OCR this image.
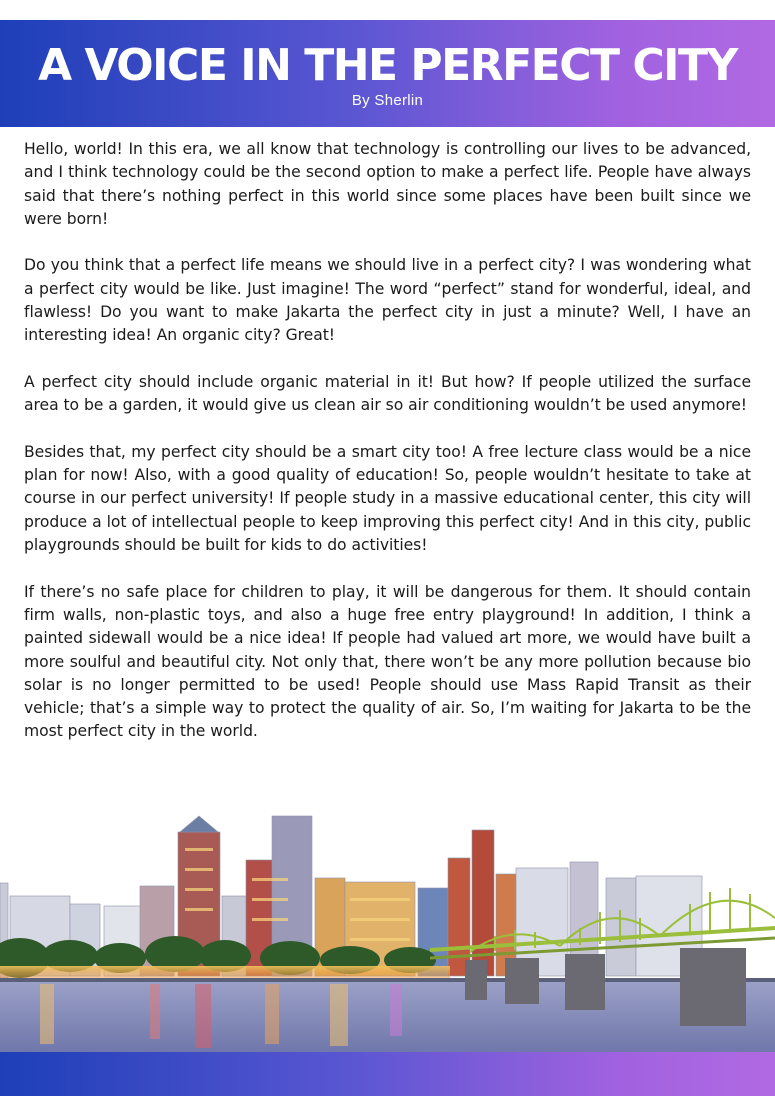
A VOICE IN THE PERFECT CITY
By Sherlin

Hello, world! In this era, we all know that technology is controlling our lives to be advanced, and I think technology could be the second option to make a perfect life. People have always said that there’s nothing perfect in this world since some places have been built since we were born!

Do you think that a perfect life means we should live in a perfect city? I was wondering what a perfect city would be like. Just imagine! The word “perfect” stand for wonderful, ideal, and flawless! Do you want to make Jakarta the perfect city in just a minute? Well, I have an interesting idea! An organic city? Great!

A perfect city should include organic material in it! But how? If people utilized the surface area to be a garden, it would give us clean air so air conditioning wouldn’t be used anymore!

Besides that, my perfect city should be a smart city too! A free lecture class would be a nice plan for now! Also, with a good quality of education! So, people wouldn’t hesitate to take at course in our perfect university! If people study in a massive educational center, this city will produce a lot of intellectual people to keep improving this perfect city! And in this city, public playgrounds should be built for kids to do activities!

If there’s no safe place for children to play, it will be dangerous for them. It should contain firm walls, non-plastic toys, and also a huge free entry playground! In addition, I think a painted sidewall would be a nice idea! If people had valued art more, we would have built a more soulful and beautiful city. Not only that, there won’t be any more pollution because bio solar is no longer permitted to be used! People should use Mass Rapid Transit as their vehicle; that’s a simple way to protect the quality of air. So, I’m waiting for Jakarta to be the most perfect city in the world.
